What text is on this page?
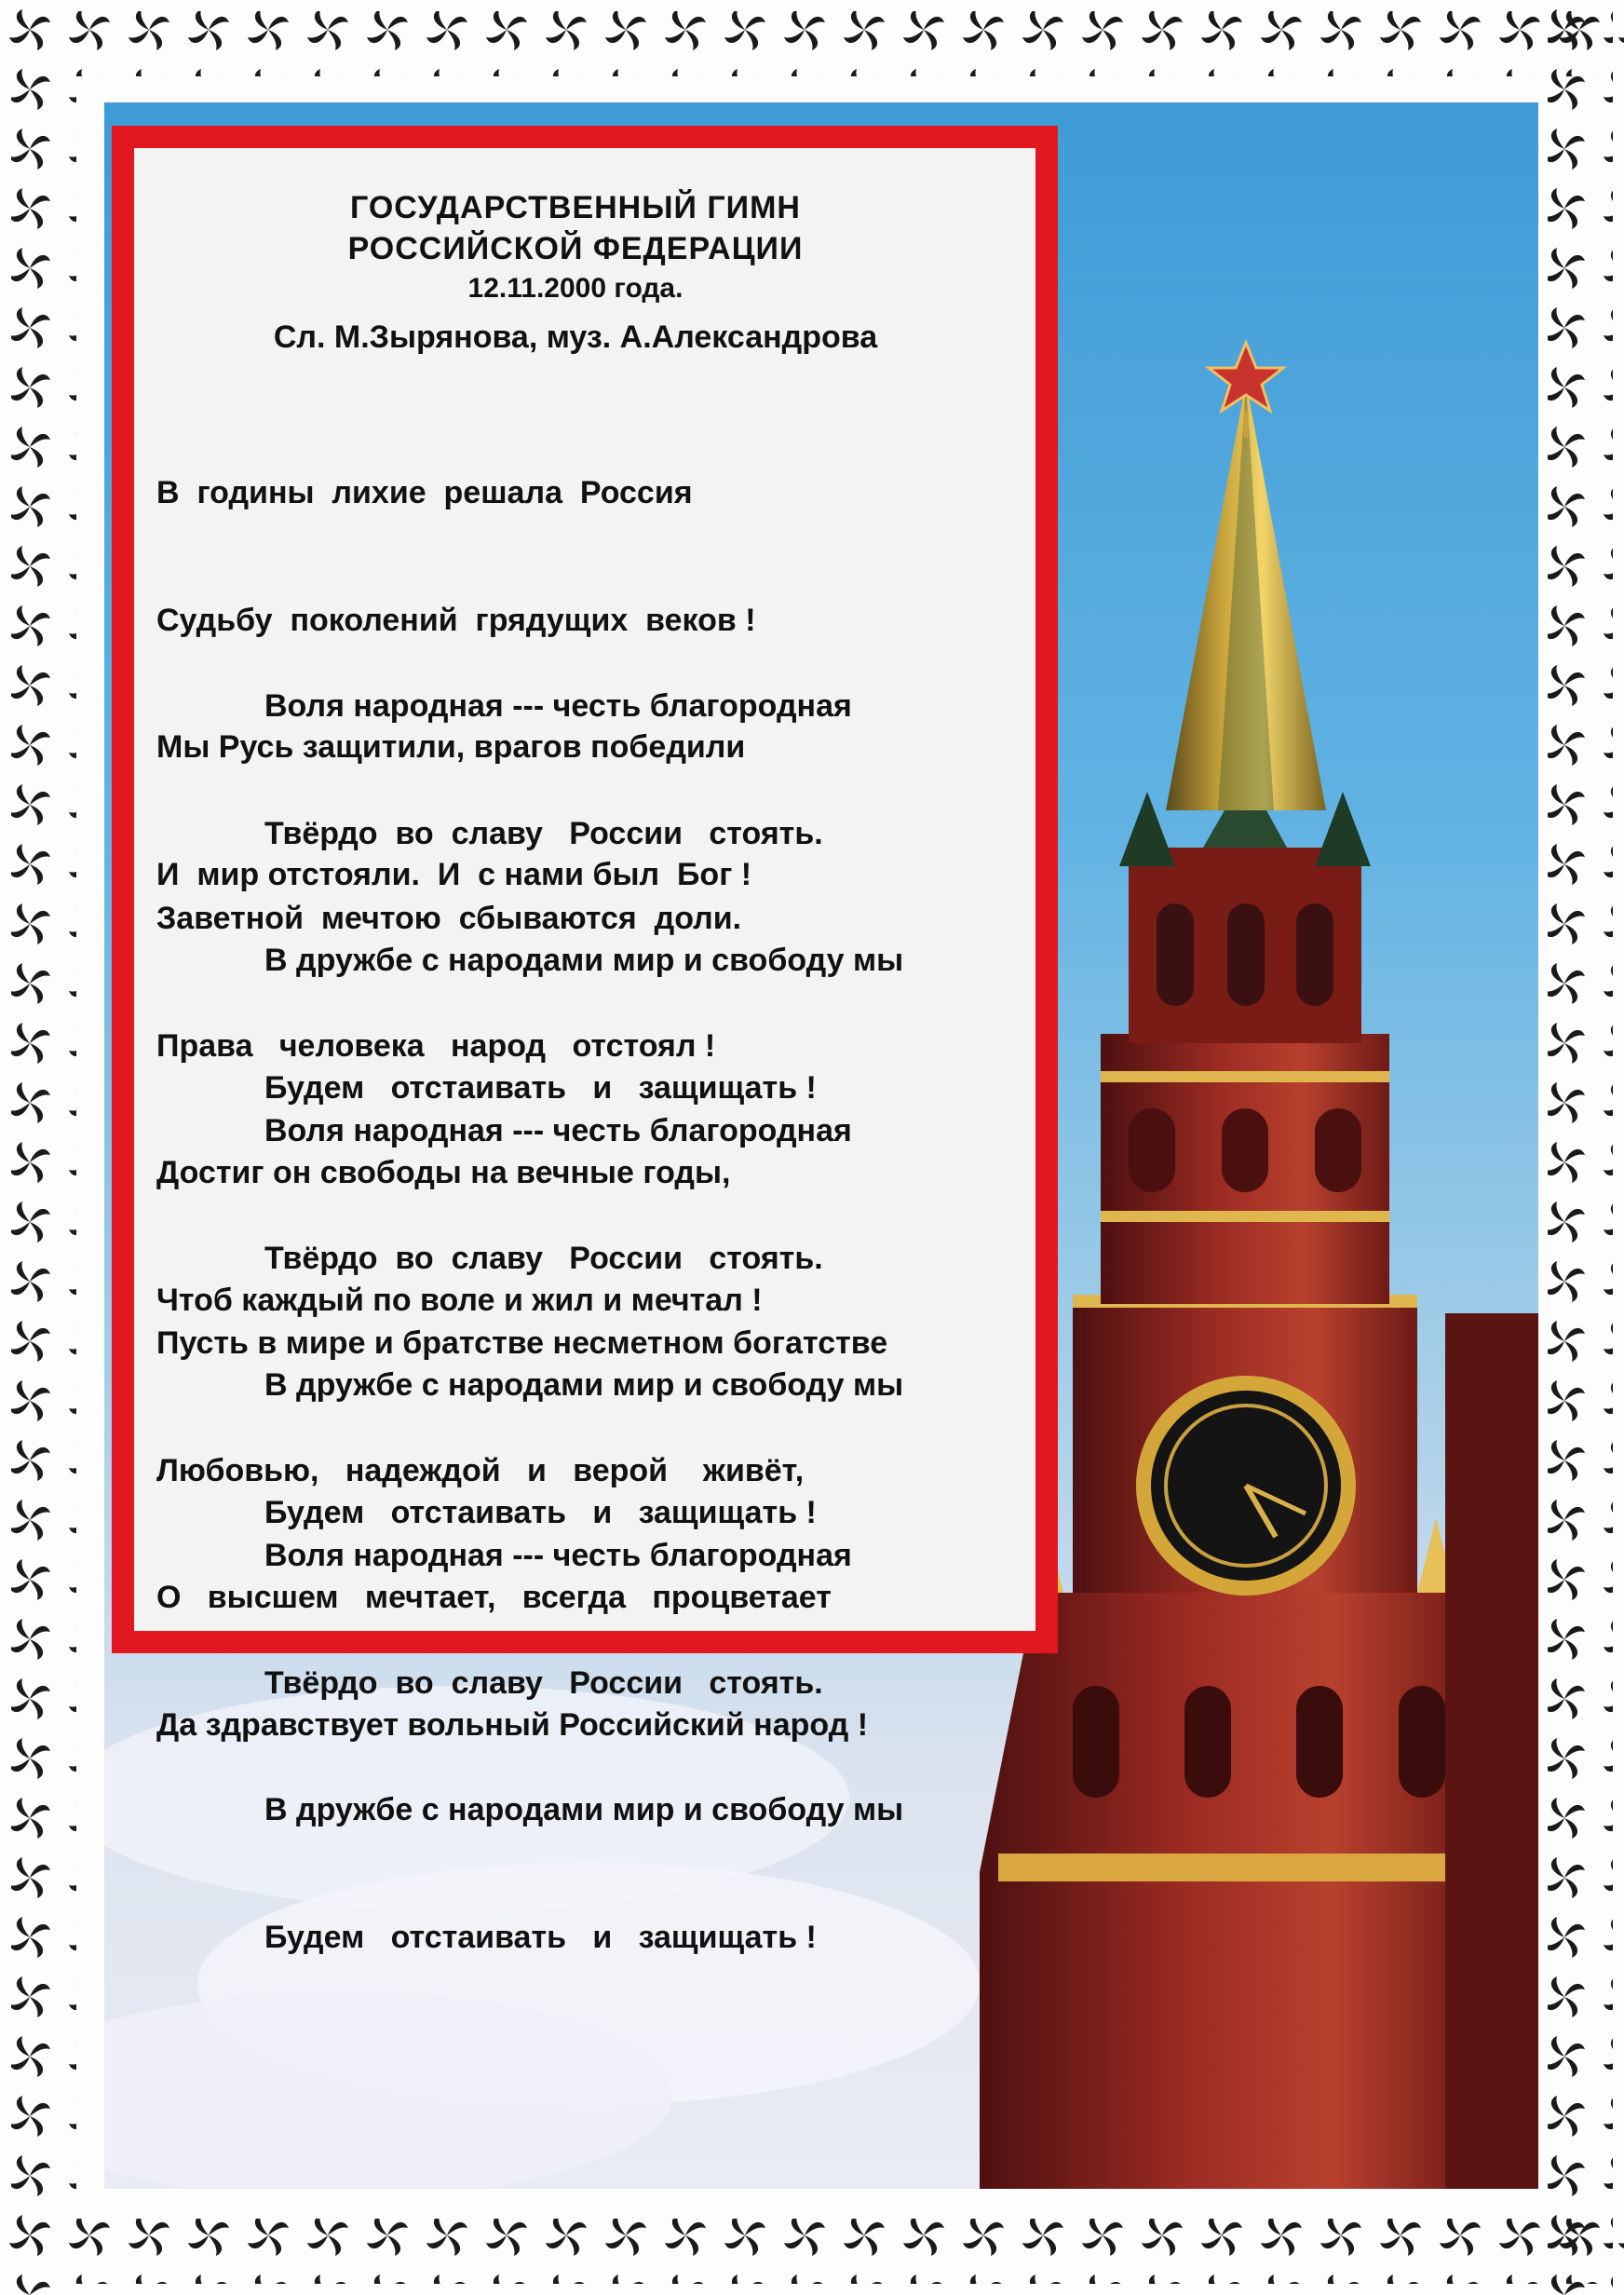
ГОСУДАРСТВЕННЫЙ ГИМН
РОССИЙСКОЙ ФЕДЕРАЦИИ
12.11.2000 года.
Сл. М.Зырянова, муз. А.Александрова

В  годины  лихие  решала  Россия

Судьбу  поколений  грядущих  веков !

Мы Русь защитили, врагов победили

И  мир отстояли.  И  с нами был  Бог !

Воля народная --- честь благородная

Твёрдо  во  славу   России   стоять.

В дружбе с народами мир и свободу мы

Будем   отстаивать   и   защищать !

Заветной  мечтою  сбываются  доли.

Права   человека   народ   отстоял !

Достиг он свободы на вечные годы,

Чтоб каждый по воле и жил и мечтал !

Воля народная --- честь благородная

Твёрдо  во  славу   России   стоять.

В дружбе с народами мир и свободу мы

Будем   отстаивать   и   защищать !

Пусть в мире и братстве несметном богатстве

Любовью,   надеждой   и   верой    живёт,

О   высшем   мечтает,   всегда   процветает

Да здравствует вольный Российский народ !

Воля народная --- честь благородная

Твёрдо  во  славу   России   стоять.

В дружбе с народами мир и свободу мы

Будем   отстаивать   и   защищать !
